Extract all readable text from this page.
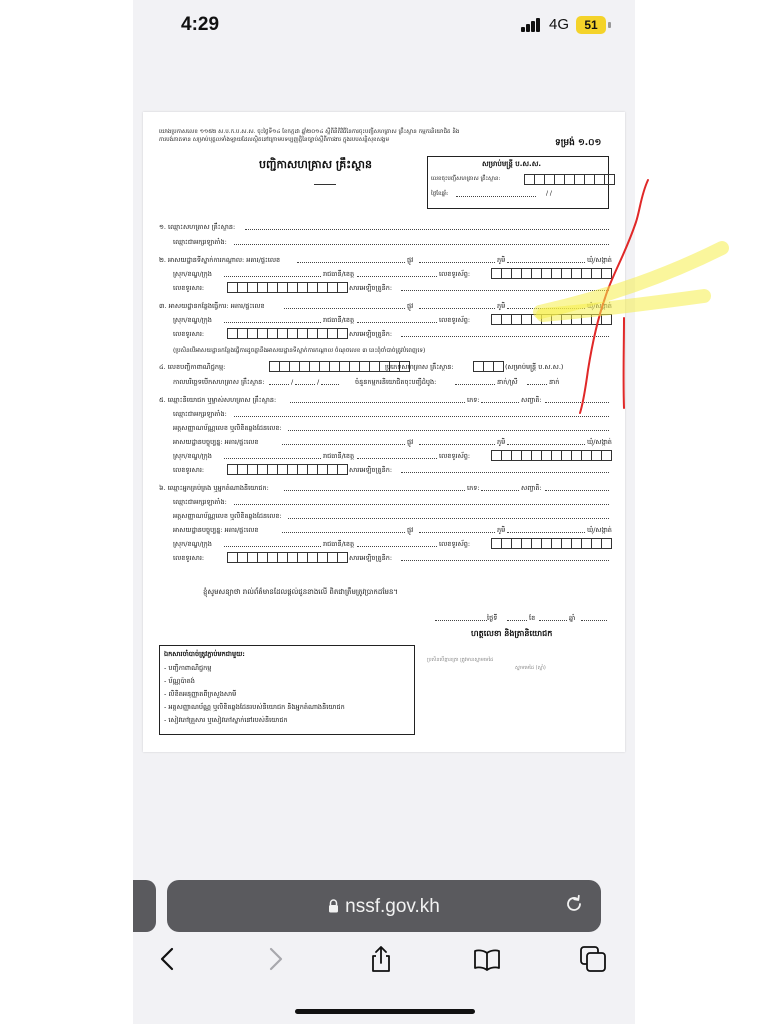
4:29	4G	51
យោងប្រកាសលេខ ១១៥២ ស.ប.ក.ប.ស.ស. ចុះថ្ងៃទី១៤ ខែកក្កដា ឆ្នាំ២០១៤ ស្តីពីនីតិវិធីនៃការចុះបញ្ជីសហគ្រាស គ្រឹះស្ថាន កម្មករនិយោជិត និង
ការបង់ភាគទាន សម្រាប់បុគ្គលទាំងឡាយដែលស្ថិតនៅក្រោមបទប្បញ្ញត្តិនៃច្បាប់ស្តីពីការងារ ក្នុងរបបសន្តិសុខសង្គម	ទម្រង់ ១.០១
បញ្ជិកាសហគ្រាស គ្រឹះស្ថាន	សម្រាប់មន្ត្រី ប.ស.ស.
លេខចុះបញ្ជីសហគ្រាស គ្រឹះស្ថាន:
ថ្ងៃខែឆ្នាំ:	/ /
១. ឈ្មោះសហគ្រាស គ្រឹះស្ថាន:
ឈ្មោះជាអក្សរឡាតាំង:
២. អាសយដ្ឋានទីស្នាក់ការកណ្ដាល: អគារ/ផ្ទះលេខ	ផ្លូវ	ភូមិ	ឃុំ/សង្កាត់
ស្រុក/ខណ្ឌ/ក្រុង	រាជធានី/ខេត្ត	លេខទូរស័ព្ទ:
លេខទូរសារ:	សារអេឡិចត្រូនិក:
៣. អាសយដ្ឋានកន្លែងធ្វើការ: អគារ/ផ្ទះលេខ	ផ្លូវ	ភូមិ	ឃុំ/សង្កាត់
ស្រុក/ខណ្ឌ/ក្រុង	រាជធានី/ខេត្ត	លេខទូរស័ព្ទ:
លេខទូរសារ:	សារអេឡិចត្រូនិក:
(ប្រសិនបើអាសយដ្ឋានកន្លែងធ្វើការដូចគ្នានឹងអាសយដ្ឋានទីស្នាក់ការកណ្ដាល ចំណុចលេខ ៣ នេះពុំចាំបាច់ត្រូវបំពេញទេ)
៤. លេខបញ្ជិកាពាណិជ្ជកម្ម:	ប្រភេទសហគ្រាស គ្រឹះស្ថាន:	(សម្រាប់មន្ត្រី ប.ស.ស.)
កាលបរិច្ឆេទបើកសហគ្រាស គ្រឹះស្ថាន:	/	/	ចំនួនកម្មករនិយោជិតចុះបញ្ជីដំបូង:	នាក់/ស្រី	នាក់
៥. ឈ្មោះនិយោជក ឬម្ចាស់សហគ្រាស គ្រឹះស្ថាន:	ភេទ:	សញ្ជាតិ:
ឈ្មោះជាអក្សរឡាតាំង:
អត្តសញ្ញាណប័ណ្ណលេខ ឬលិខិតឆ្លងដែនលេខ:
អាសយដ្ឋានបច្ចុប្បន្ន: អគារ/ផ្ទះលេខ	ផ្លូវ	ភូមិ	ឃុំ/សង្កាត់
ស្រុក/ខណ្ឌ/ក្រុង	រាជធានី/ខេត្ត	លេខទូរស័ព្ទ:
លេខទូរសារ:	សារអេឡិចត្រូនិក:
៦. ឈ្មោះអ្នកគ្រប់គ្រង ឬអ្នកតំណាងនិយោជក:	ភេទ:	សញ្ជាតិ:
ឈ្មោះជាអក្សរឡាតាំង:
អត្តសញ្ញាណប័ណ្ណលេខ ឬលិខិតឆ្លងដែនលេខ:
អាសយដ្ឋានបច្ចុប្បន្ន: អគារ/ផ្ទះលេខ	ផ្លូវ	ភូមិ	ឃុំ/សង្កាត់
ស្រុក/ខណ្ឌ/ក្រុង	រាជធានី/ខេត្ត	លេខទូរស័ព្ទ:
លេខទូរសារ:	សារអេឡិចត្រូនិក:
ខ្ញុំសូមសន្យាថា រាល់ព័ត៌មានដែលផ្ដល់ជូនខាងលើ ពិតជាត្រឹមត្រូវប្រាកដមែន។
ថ្ងៃទី	ខែ	ឆ្នាំ
ហត្ថលេខា និងត្រានិយោជក
ប្រសិនបើគ្មានត្រា ត្រូវមានស្នាមមេដៃ
ស្នាមមេដៃ (ស្តាំ)
ឯកសារចាំបាច់ត្រូវភ្ជាប់មកជាមួយ:
- បញ្ជិកាពាណិជ្ជកម្ម
- ប័ណ្ណប៉ាតង់
- លិខិតអនុញ្ញាតពីក្រសួងសាមី
- អត្តសញ្ញាណប័ណ្ណ ឬលិខិតឆ្លងដែនរបស់និយោជក និងអ្នកតំណាងនិយោជក
- សៀវភៅគ្រួសារ ឬសៀវភៅស្នាក់នៅរបស់និយោជក
nssf.gov.kh
